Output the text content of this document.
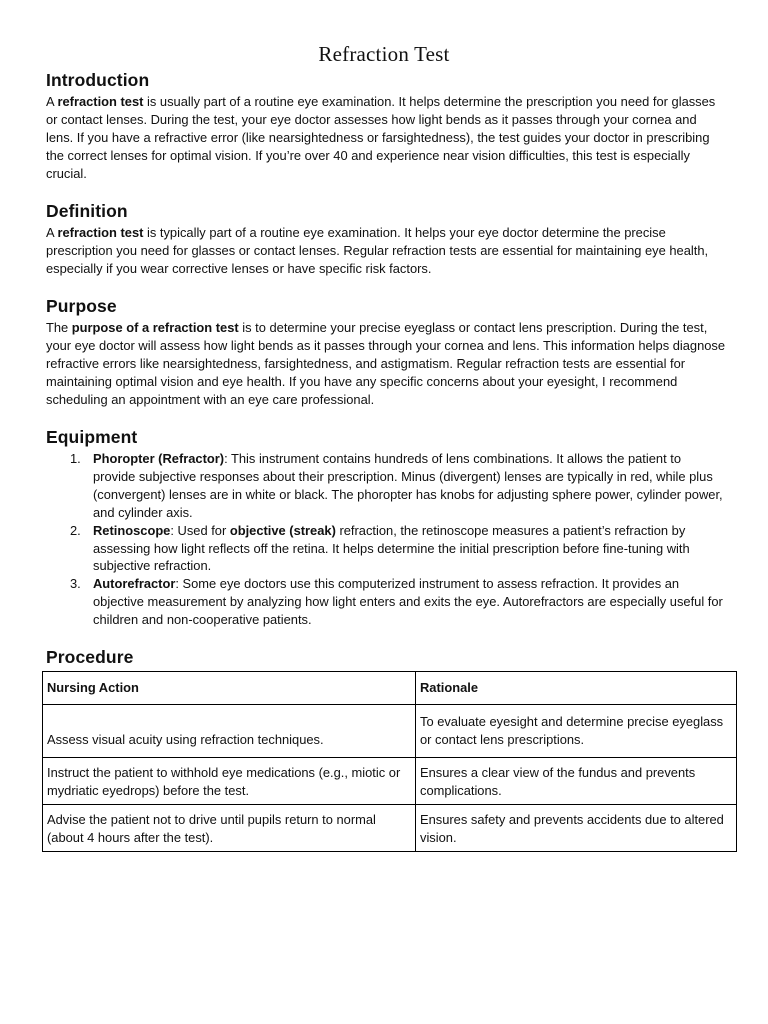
Refraction Test
Introduction

A refraction test is usually part of a routine eye examination. It helps determine the prescription you need for glasses or contact lenses. During the test, your eye doctor assesses how light bends as it passes through your cornea and lens. If you have a refractive error (like nearsightedness or farsightedness), the test guides your doctor in prescribing the correct lenses for optimal vision. If you’re over 40 and experience near vision difficulties, this test is especially crucial.

Definition

A refraction test is typically part of a routine eye examination. It helps your eye doctor determine the precise prescription you need for glasses or contact lenses. Regular refraction tests are essential for maintaining eye health, especially if you wear corrective lenses or have specific risk factors.

Purpose

The purpose of a refraction test is to determine your precise eyeglass or contact lens prescription. During the test, your eye doctor will assess how light bends as it passes through your cornea and lens. This information helps diagnose refractive errors like nearsightedness, farsightedness, and astigmatism. Regular refraction tests are essential for maintaining optimal vision and eye health. If you have any specific concerns about your eyesight, I recommend scheduling an appointment with an eye care professional.

Equipment
1. Phoropter (Refractor): This instrument contains hundreds of lens combinations. It allows the patient to provide subjective responses about their prescription. Minus (divergent) lenses are typically in red, while plus (convergent) lenses are in white or black. The phoropter has knobs for adjusting sphere power, cylinder power, and cylinder axis.
2. Retinoscope: Used for objective (streak) refraction, the retinoscope measures a patient’s refraction by assessing how light reflects off the retina. It helps determine the initial prescription before fine-tuning with subjective refraction.
3. Autorefractor: Some eye doctors use this computerized instrument to assess refraction. It provides an objective measurement by analyzing how light enters and exits the eye. Autorefractors are especially useful for children and non-cooperative patients.
Procedure
Nursing Action	Rationale
Assess visual acuity using refraction techniques.	To evaluate eyesight and determine precise eyeglass or contact lens prescriptions.
Instruct the patient to withhold eye medications (e.g., miotic or mydriatic eyedrops) before the test.	Ensures a clear view of the fundus and prevents complications.
Advise the patient not to drive until pupils return to normal (about 4 hours after the test).	Ensures safety and prevents accidents due to altered vision.
